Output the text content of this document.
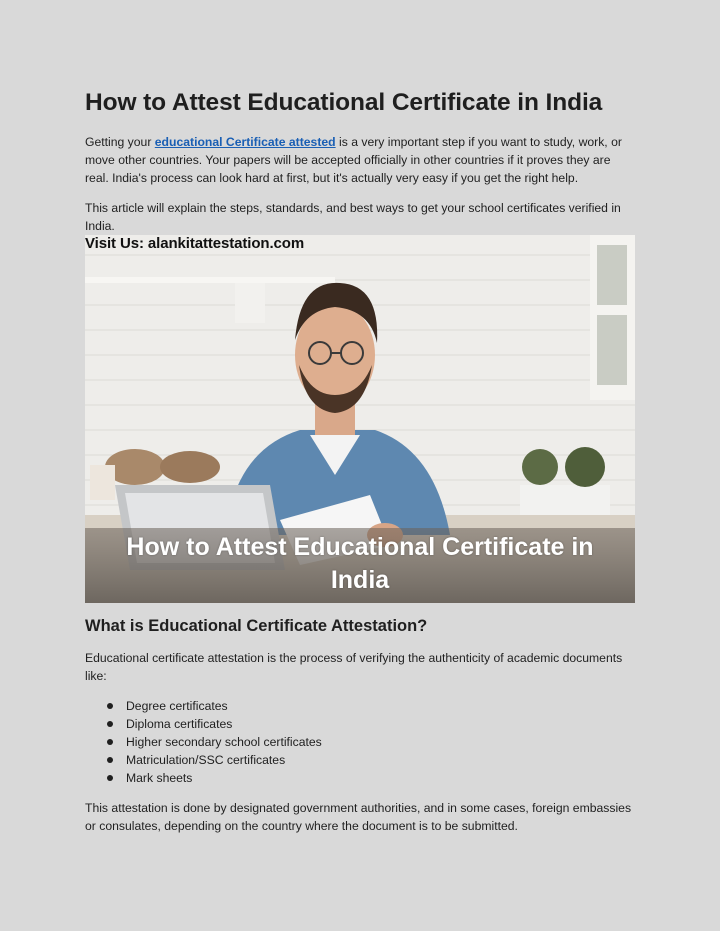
How to Attest Educational Certificate in India

Getting your educational Certificate attested is a very important step if you want to study, work, or move other countries. Your papers will be accepted officially in other countries if it proves they are real. India's process can look hard at first, but it's actually very easy if you get the right help.

This article will explain the steps, standards, and best ways to get your school certificates verified in India.

Visit Us: alankitattestation.com
How to Attest Educational Certificate in
India
What is Educational Certificate Attestation?

Educational certificate attestation is the process of verifying the authenticity of academic documents like:

Degree certificates
Diploma certificates
Higher secondary school certificates
Matriculation/SSC certificates
Mark sheets

This attestation is done by designated government authorities, and in some cases, foreign embassies or consulates, depending on the country where the document is to be submitted.
